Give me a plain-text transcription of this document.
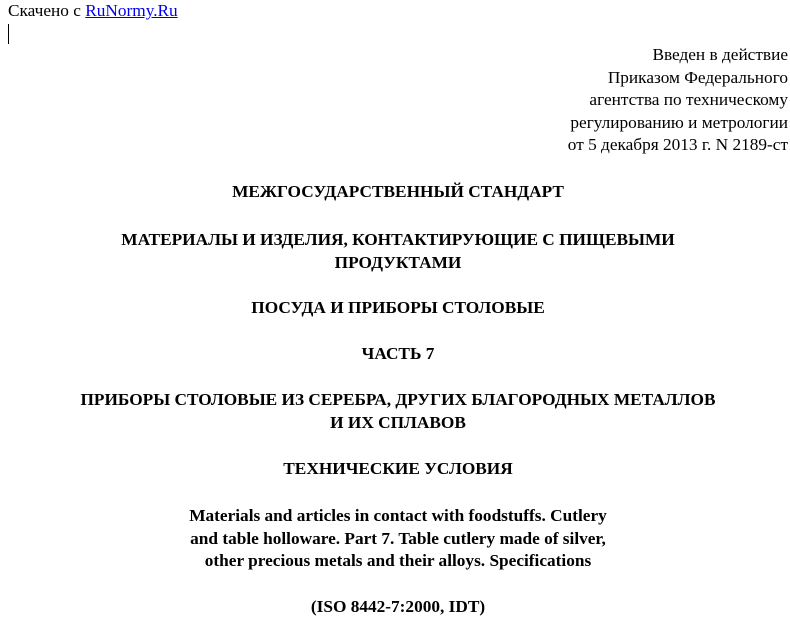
Скачено с RuNormy.Ru
Введен в действие
Приказом Федерального
агентства по техническому
регулированию и метрологии
от 5 декабря 2013 г. N 2189-ст
МЕЖГОСУДАРСТВЕННЫЙ СТАНДАРТ
МАТЕРИАЛЫ И ИЗДЕЛИЯ, КОНТАКТИРУЮЩИЕ С ПИЩЕВЫМИ
ПРОДУКТАМИ
ПОСУДА И ПРИБОРЫ СТОЛОВЫЕ
ЧАСТЬ 7
ПРИБОРЫ СТОЛОВЫЕ ИЗ СЕРЕБРА, ДРУГИХ БЛАГОРОДНЫХ МЕТАЛЛОВ
И ИХ СПЛАВОВ
ТЕХНИЧЕСКИЕ УСЛОВИЯ
Materials and articles in contact with foodstuffs. Cutlery
and table holloware. Part 7. Table cutlery made of silver,
other precious metals and their alloys. Specifications
(ISO 8442-7:2000, IDT)
